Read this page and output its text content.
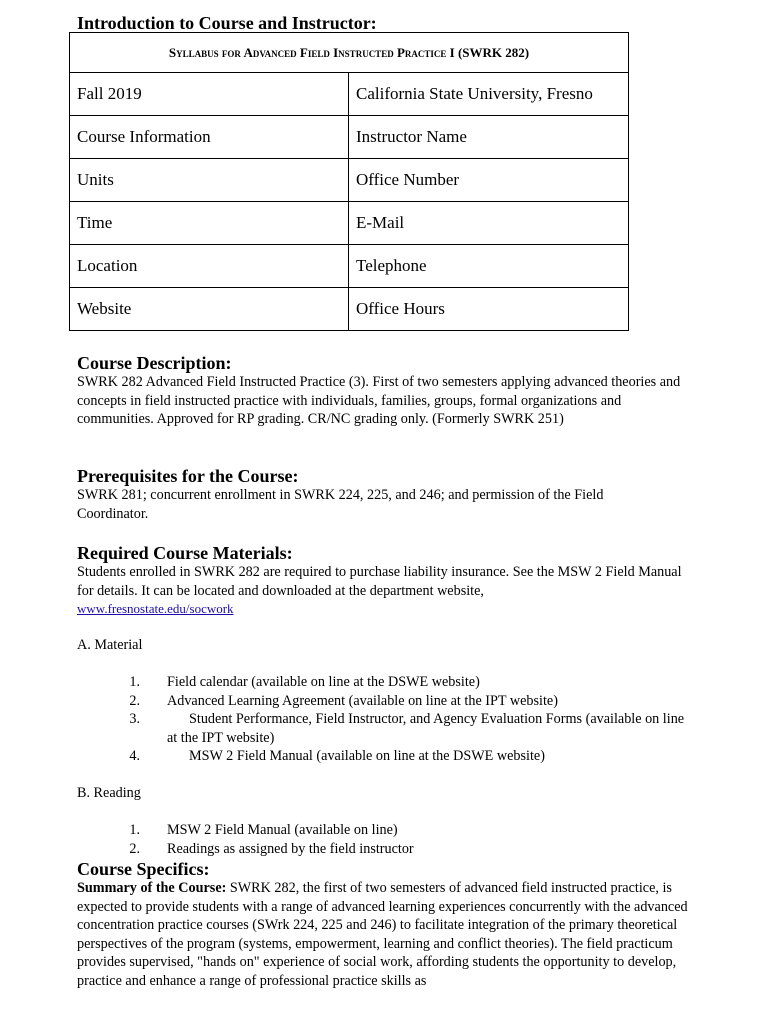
Introduction to Course and Instructor:
Syllabus for Advanced Field Instructed Practice I (SWRK 282)	
Fall 2019	California State University, Fresno
Course Information	Instructor Name
Units	Office Number
Time	E-Mail
Location	Telephone
Website	Office Hours
Course Description:
SWRK 282 Advanced Field Instructed Practice (3). First of two semesters applying advanced theories and concepts in field instructed practice with individuals, families, groups, formal organizations and communities. Approved for RP grading. CR/NC grading only. (Formerly SWRK 251)
Prerequisites for the Course:
SWRK 281; concurrent enrollment in SWRK 224, 225, and 246; and permission of the Field Coordinator.
Required Course Materials:
Students enrolled in SWRK 282 are required to purchase liability insurance. See the MSW 2 Field Manual for details. It can be located and downloaded at the department website,
www.fresnostate.edu/socwork
A. Material
1. Field calendar (available on line at the DSWE website)
2. Advanced Learning Agreement (available on line at the IPT website)
3.	Student Performance, Field Instructor, and Agency Evaluation Forms (available on line at the IPT website)
4.	MSW 2 Field Manual (available on line at the DSWE website)
B. Reading
1. MSW 2 Field Manual (available on line)
2. Readings as assigned by the field instructor
Course Specifics:
Summary of the Course: SWRK 282, the first of two semesters of advanced field instructed practice, is expected to provide students with a range of advanced learning experiences concurrently with the advanced concentration practice courses (SWrk 224, 225 and 246) to facilitate integration of the primary theoretical perspectives of the program (systems, empowerment, learning and conflict theories). The field practicum provides supervised, "hands on" experience of social work, affording students the opportunity to develop, practice and enhance a range of professional practice skills as
